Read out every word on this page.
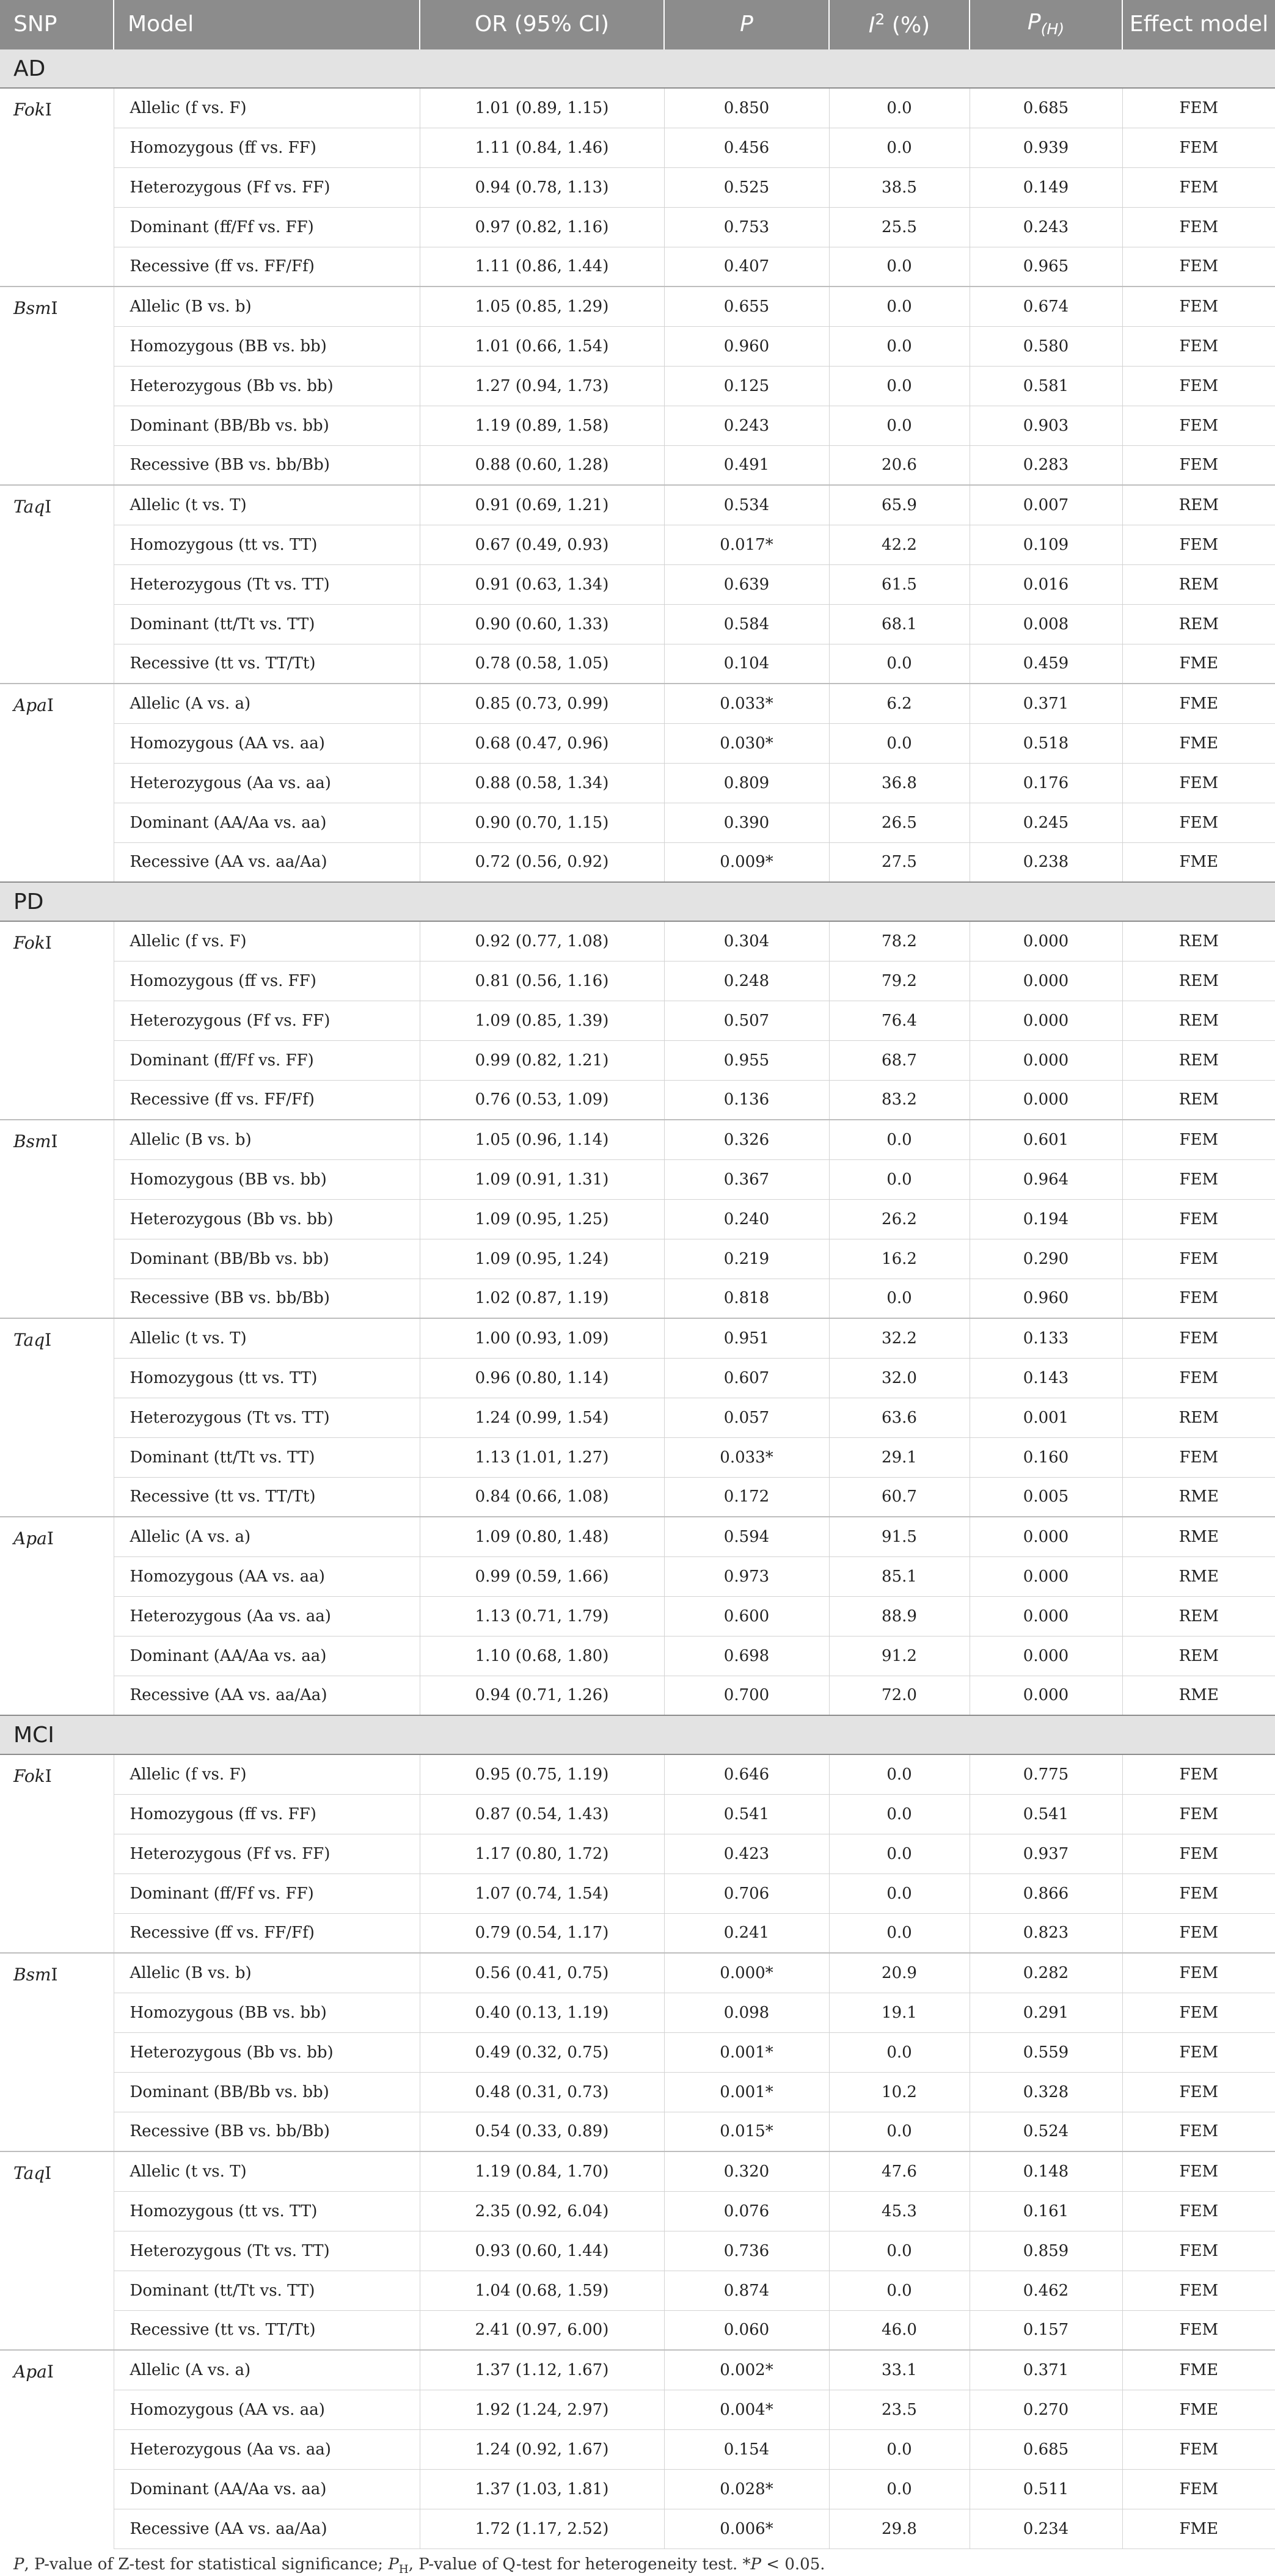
SNP	Model	OR (95% CI)	P	$I^2$ (%)	$P_{(H)}$	Effect model
AD						
FokI	Allelic (f vs. F)	1.01 (0.89, 1.15)	0.850	0.0	0.685	FEM
	Homozygous (ff vs. FF)	1.11 (0.84, 1.46)	0.456	0.0	0.939	FEM
	Heterozygous (Ff vs. FF)	0.94 (0.78, 1.13)	0.525	38.5	0.149	FEM
	Dominant (ff/Ff vs. FF)	0.97 (0.82, 1.16)	0.753	25.5	0.243	FEM
	Recessive (ff vs. FF/Ff)	1.11 (0.86, 1.44)	0.407	0.0	0.965	FEM
BsmI	Allelic (B vs. b)	1.05 (0.85, 1.29)	0.655	0.0	0.674	FEM
	Homozygous (BB vs. bb)	1.01 (0.66, 1.54)	0.960	0.0	0.580	FEM
	Heterozygous (Bb vs. bb)	1.27 (0.94, 1.73)	0.125	0.0	0.581	FEM
	Dominant (BB/Bb vs. bb)	1.19 (0.89, 1.58)	0.243	0.0	0.903	FEM
	Recessive (BB vs. bb/Bb)	0.88 (0.60, 1.28)	0.491	20.6	0.283	FEM
TaqI	Allelic (t vs. T)	0.91 (0.69, 1.21)	0.534	65.9	0.007	REM
	Homozygous (tt vs. TT)	0.67 (0.49, 0.93)	0.017*	42.2	0.109	FEM
	Heterozygous (Tt vs. TT)	0.91 (0.63, 1.34)	0.639	61.5	0.016	REM
	Dominant (tt/Tt vs. TT)	0.90 (0.60, 1.33)	0.584	68.1	0.008	REM
	Recessive (tt vs. TT/Tt)	0.78 (0.58, 1.05)	0.104	0.0	0.459	FME
ApaI	Allelic (A vs. a)	0.85 (0.73, 0.99)	0.033*	6.2	0.371	FME
	Homozygous (AA vs. aa)	0.68 (0.47, 0.96)	0.030*	0.0	0.518	FME
	Heterozygous (Aa vs. aa)	0.88 (0.58, 1.34)	0.809	36.8	0.176	FEM
	Dominant (AA/Aa vs. aa)	0.90 (0.70, 1.15)	0.390	26.5	0.245	FEM
	Recessive (AA vs. aa/Aa)	0.72 (0.56, 0.92)	0.009*	27.5	0.238	FME
PD						
FokI	Allelic (f vs. F)	0.92 (0.77, 1.08)	0.304	78.2	0.000	REM
	Homozygous (ff vs. FF)	0.81 (0.56, 1.16)	0.248	79.2	0.000	REM
	Heterozygous (Ff vs. FF)	1.09 (0.85, 1.39)	0.507	76.4	0.000	REM
	Dominant (ff/Ff vs. FF)	0.99 (0.82, 1.21)	0.955	68.7	0.000	REM
	Recessive (ff vs. FF/Ff)	0.76 (0.53, 1.09)	0.136	83.2	0.000	REM
BsmI	Allelic (B vs. b)	1.05 (0.96, 1.14)	0.326	0.0	0.601	FEM
	Homozygous (BB vs. bb)	1.09 (0.91, 1.31)	0.367	0.0	0.964	FEM
	Heterozygous (Bb vs. bb)	1.09 (0.95, 1.25)	0.240	26.2	0.194	FEM
	Dominant (BB/Bb vs. bb)	1.09 (0.95, 1.24)	0.219	16.2	0.290	FEM
	Recessive (BB vs. bb/Bb)	1.02 (0.87, 1.19)	0.818	0.0	0.960	FEM
TaqI	Allelic (t vs. T)	1.00 (0.93, 1.09)	0.951	32.2	0.133	FEM
	Homozygous (tt vs. TT)	0.96 (0.80, 1.14)	0.607	32.0	0.143	FEM
	Heterozygous (Tt vs. TT)	1.24 (0.99, 1.54)	0.057	63.6	0.001	REM
	Dominant (tt/Tt vs. TT)	1.13 (1.01, 1.27)	0.033*	29.1	0.160	FEM
	Recessive (tt vs. TT/Tt)	0.84 (0.66, 1.08)	0.172	60.7	0.005	RME
ApaI	Allelic (A vs. a)	1.09 (0.80, 1.48)	0.594	91.5	0.000	RME
	Homozygous (AA vs. aa)	0.99 (0.59, 1.66)	0.973	85.1	0.000	RME
	Heterozygous (Aa vs. aa)	1.13 (0.71, 1.79)	0.600	88.9	0.000	REM
	Dominant (AA/Aa vs. aa)	1.10 (0.68, 1.80)	0.698	91.2	0.000	REM
	Recessive (AA vs. aa/Aa)	0.94 (0.71, 1.26)	0.700	72.0	0.000	RME
MCI						
FokI	Allelic (f vs. F)	0.95 (0.75, 1.19)	0.646	0.0	0.775	FEM
	Homozygous (ff vs. FF)	0.87 (0.54, 1.43)	0.541	0.0	0.541	FEM
	Heterozygous (Ff vs. FF)	1.17 (0.80, 1.72)	0.423	0.0	0.937	FEM
	Dominant (ff/Ff vs. FF)	1.07 (0.74, 1.54)	0.706	0.0	0.866	FEM
	Recessive (ff vs. FF/Ff)	0.79 (0.54, 1.17)	0.241	0.0	0.823	FEM
BsmI	Allelic (B vs. b)	0.56 (0.41, 0.75)	0.000*	20.9	0.282	FEM
	Homozygous (BB vs. bb)	0.40 (0.13, 1.19)	0.098	19.1	0.291	FEM
	Heterozygous (Bb vs. bb)	0.49 (0.32, 0.75)	0.001*	0.0	0.559	FEM
	Dominant (BB/Bb vs. bb)	0.48 (0.31, 0.73)	0.001*	10.2	0.328	FEM
	Recessive (BB vs. bb/Bb)	0.54 (0.33, 0.89)	0.015*	0.0	0.524	FEM
TaqI	Allelic (t vs. T)	1.19 (0.84, 1.70)	0.320	47.6	0.148	FEM
	Homozygous (tt vs. TT)	2.35 (0.92, 6.04)	0.076	45.3	0.161	FEM
	Heterozygous (Tt vs. TT)	0.93 (0.60, 1.44)	0.736	0.0	0.859	FEM
	Dominant (tt/Tt vs. TT)	1.04 (0.68, 1.59)	0.874	0.0	0.462	FEM
	Recessive (tt vs. TT/Tt)	2.41 (0.97, 6.00)	0.060	46.0	0.157	FEM
ApaI	Allelic (A vs. a)	1.37 (1.12, 1.67)	0.002*	33.1	0.371	FME
	Homozygous (AA vs. aa)	1.92 (1.24, 2.97)	0.004*	23.5	0.270	FME
	Heterozygous (Aa vs. aa)	1.24 (0.92, 1.67)	0.154	0.0	0.685	FEM
	Dominant (AA/Aa vs. aa)	1.37 (1.03, 1.81)	0.028*	0.0	0.511	FEM
	Recessive (AA vs. aa/Aa)	1.72 (1.17, 2.52)	0.006*	29.8	0.234	FME
P, P-value of Z-test for statistical significance; $P_H$, P-value of Q-test for heterogeneity test. *P < 0.05.
